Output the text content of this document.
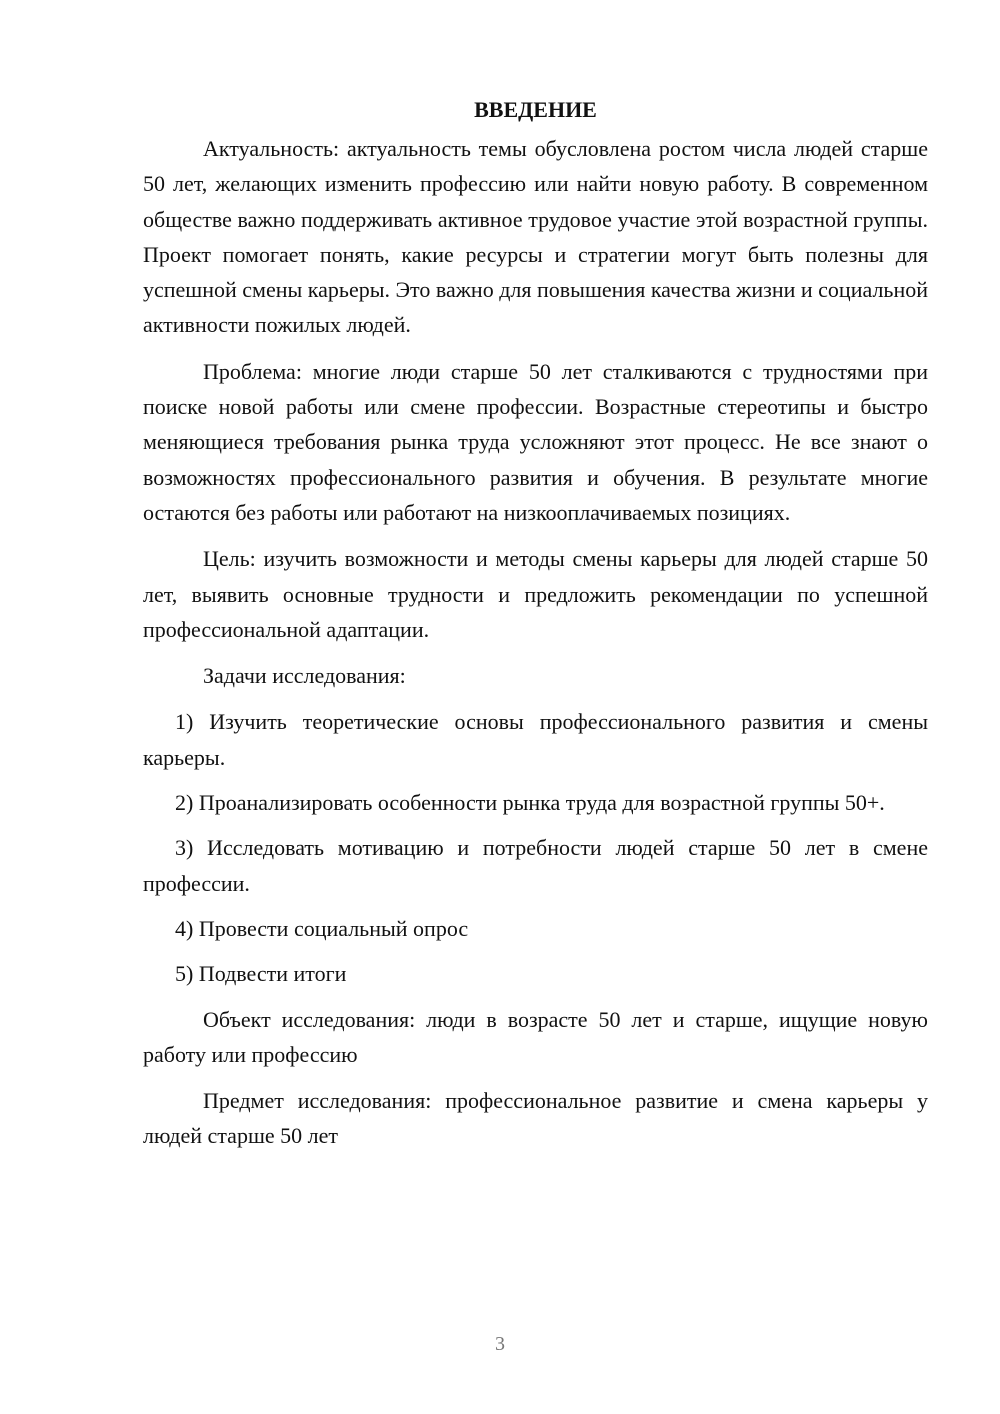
ВВЕДЕНИЕ

Актуальность: актуальность темы обусловлена ростом числа людей старше 50 лет, желающих изменить профессию или найти новую работу. В современном обществе важно поддерживать активное трудовое участие этой возрастной группы. Проект помогает понять, какие ресурсы и стратегии могут быть полезны для успешной смены карьеры. Это важно для повышения качества жизни и социальной активности пожилых людей.

Проблема: многие люди старше 50 лет сталкиваются с трудностями при поиске новой работы или смене профессии. Возрастные стереотипы и быстро меняющиеся требования рынка труда усложняют этот процесс. Не все знают о возможностях профессионального развития и обучения. В результате многие остаются без работы или работают на низкооплачиваемых позициях.

Цель: изучить возможности и методы смены карьеры для людей старше 50 лет, выявить основные трудности и предложить рекомендации по успешной профессиональной адаптации.

Задачи исследования:

1) Изучить теоретические основы профессионального развития и смены карьеры.

2) Проанализировать особенности рынка труда для возрастной группы 50+.

3) Исследовать мотивацию и потребности людей старше 50 лет в смене профессии.

4) Провести социальный опрос

5) Подвести итоги

Объект исследования: люди в возрасте 50 лет и старше, ищущие новую работу или профессию

Предмет исследования: профессиональное развитие и смена карьеры у людей старше 50 лет

3
